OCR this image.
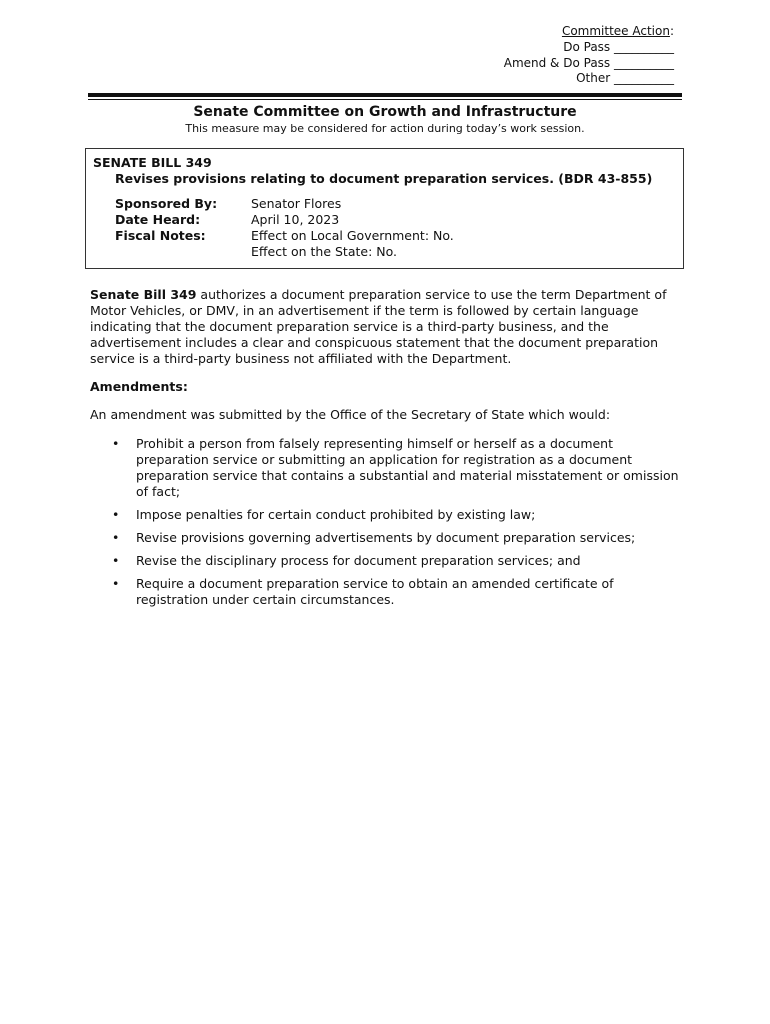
Committee Action:
Do Pass __________
Amend & Do Pass __________
Other __________
Senate Committee on Growth and Infrastructure
This measure may be considered for action during today’s work session.
SENATE BILL 349
Revises provisions relating to document preparation services. (BDR 43-855)
Sponsored By:	Senator Flores
Date Heard:	April 10, 2023
Fiscal Notes:	Effect on Local Government: No.
Effect on the State: No.
Senate Bill 349 authorizes a document preparation service to use the term Department of Motor Vehicles, or DMV, in an advertisement if the term is followed by certain language indicating that the document preparation service is a third-party business, and the advertisement includes a clear and conspicuous statement that the document preparation service is a third-party business not affiliated with the Department.
Amendments:
An amendment was submitted by the Office of the Secretary of State which would:
• Prohibit a person from falsely representing himself or herself as a document preparation service or submitting an application for registration as a document preparation service that contains a substantial and material misstatement or omission of fact;
• Impose penalties for certain conduct prohibited by existing law;
• Revise provisions governing advertisements by document preparation services;
• Revise the disciplinary process for document preparation services; and
• Require a document preparation service to obtain an amended certificate of registration under certain circumstances.
